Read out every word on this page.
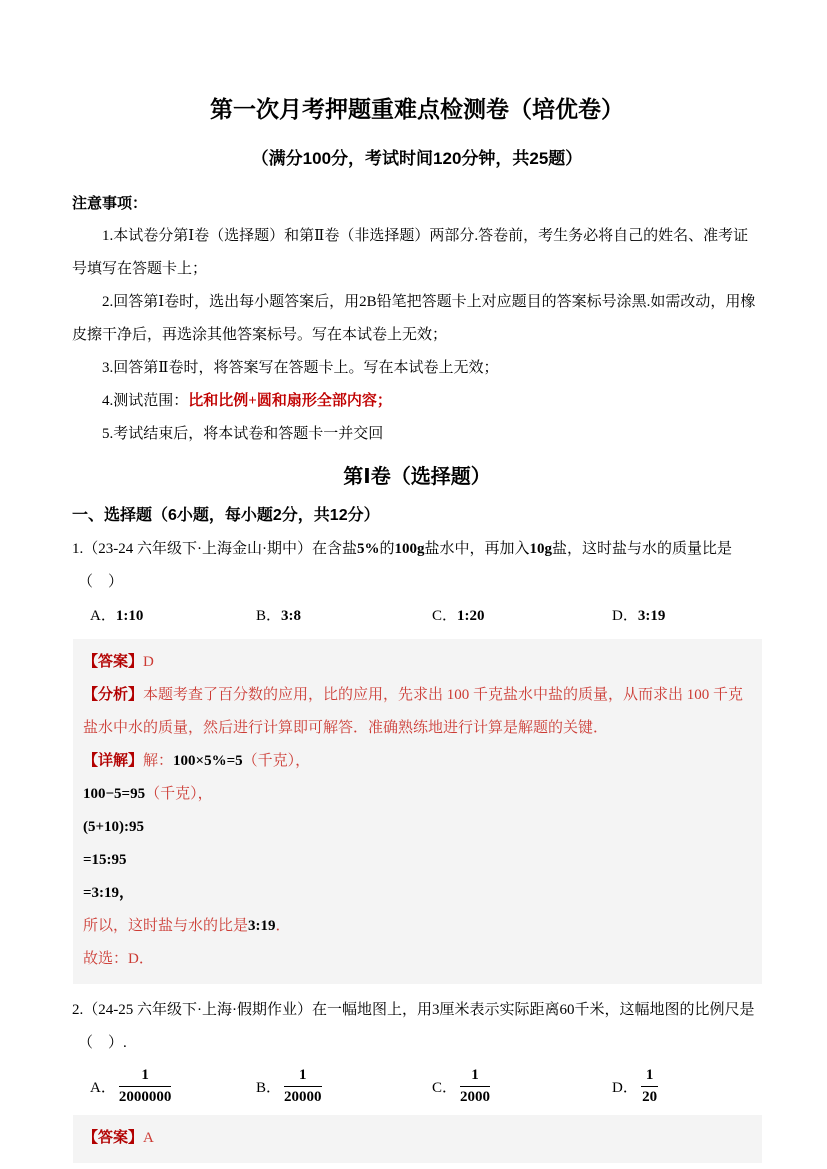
第一次月考押题重难点检测卷（培优卷）
（满分100分，考试时间120分钟，共25题）
注意事项：

1.本试卷分第Ⅰ卷（选择题）和第Ⅱ卷（非选择题）两部分.答卷前，考生务必将自己的姓名、准考证号填写在答题卡上；

2.回答第Ⅰ卷时，选出每小题答案后，用2B铅笔把答题卡上对应题目的答案标号涂黑.如需改动，用橡皮擦干净后，再选涂其他答案标号。写在本试卷上无效；

3.回答第Ⅱ卷时，将答案写在答题卡上。写在本试卷上无效；

4.测试范围：比和比例+圆和扇形全部内容；

5.考试结束后，将本试卷和答题卡一并交回

第Ⅰ卷（选择题）
一、选择题（6小题，每小题2分，共12分）
1.（23-24 六年级下·上海金山·期中）在含盐5%的100g盐水中，再加入10g盐，这时盐与水的质量比是
（　）
A．1:10	B．3:8	C．1:20	D．3:19
【答案】D
【分析】本题考查了百分数的应用，比的应用，先求出 100 千克盐水中盐的质量，从而求出 100 千克盐水中水的质量，然后进行计算即可解答．准确熟练地进行计算是解题的关键．
【详解】解：100×5%=5（千克），
100−5=95（千克），
(5+10):95
=15:95
=3:19，
所以，这时盐与水的比是3:19．
故选：D．
2.（24-25 六年级下·上海·假期作业）在一幅地图上，用3厘米表示实际距离60千米，这幅地图的比例尺是
（　）.
A． $\frac{1}{2000000}$	B． $\frac{1}{20000}$	C． $\frac{1}{2000}$	D． $\frac{1}{20}$
【答案】A
